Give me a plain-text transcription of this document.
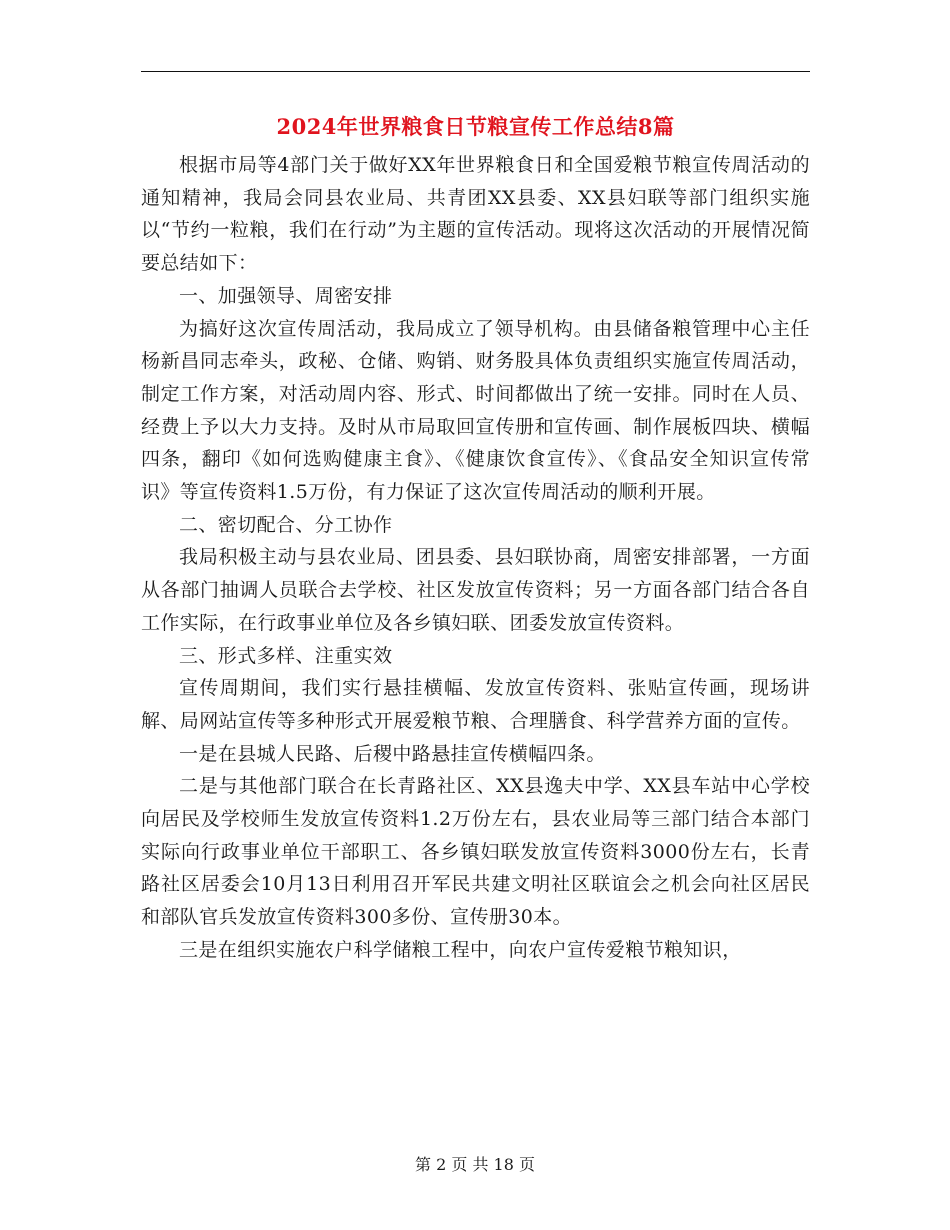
2024年世界粮食日节粮宣传工作总结8篇

根据市局等4部门关于做好XX年世界粮食日和全国爱粮节粮宣传周活动的通知精神，我局会同县农业局、共青团XX县委、XX县妇联等部门组织实施以“节约一粒粮，我们在行动”为主题的宣传活动。现将这次活动的开展情况简要总结如下：

一、加强领导、周密安排

为搞好这次宣传周活动，我局成立了领导机构。由县储备粮管理中心主任杨新昌同志牵头，政秘、仓储、购销、财务股具体负责组织实施宣传周活动，制定工作方案，对活动周内容、形式、时间都做出了统一安排。同时在人员、经费上予以大力支持。及时从市局取回宣传册和宣传画、制作展板四块、横幅四条，翻印《如何选购健康主食》、《健康饮食宣传》、《食品安全知识宣传常识》等宣传资料1.5万份，有力保证了这次宣传周活动的顺利开展。

二、密切配合、分工协作

我局积极主动与县农业局、团县委、县妇联协商，周密安排部署，一方面从各部门抽调人员联合去学校、社区发放宣传资料；另一方面各部门结合各自工作实际，在行政事业单位及各乡镇妇联、团委发放宣传资料。

三、形式多样、注重实效

宣传周期间，我们实行悬挂横幅、发放宣传资料、张贴宣传画，现场讲解、局网站宣传等多种形式开展爱粮节粮、合理膳食、科学营养方面的宣传。

一是在县城人民路、后稷中路悬挂宣传横幅四条。

二是与其他部门联合在长青路社区、XX县逸夫中学、XX县车站中心学校向居民及学校师生发放宣传资料1.2万份左右，县农业局等三部门结合本部门实际向行政事业单位干部职工、各乡镇妇联发放宣传资料3000份左右，长青路社区居委会10月13日利用召开军民共建文明社区联谊会之机会向社区居民和部队官兵发放宣传资料300多份、宣传册30本。

三是在组织实施农户科学储粮工程中，向农户宣传爱粮节粮知识，

第 2 页 共 18 页
